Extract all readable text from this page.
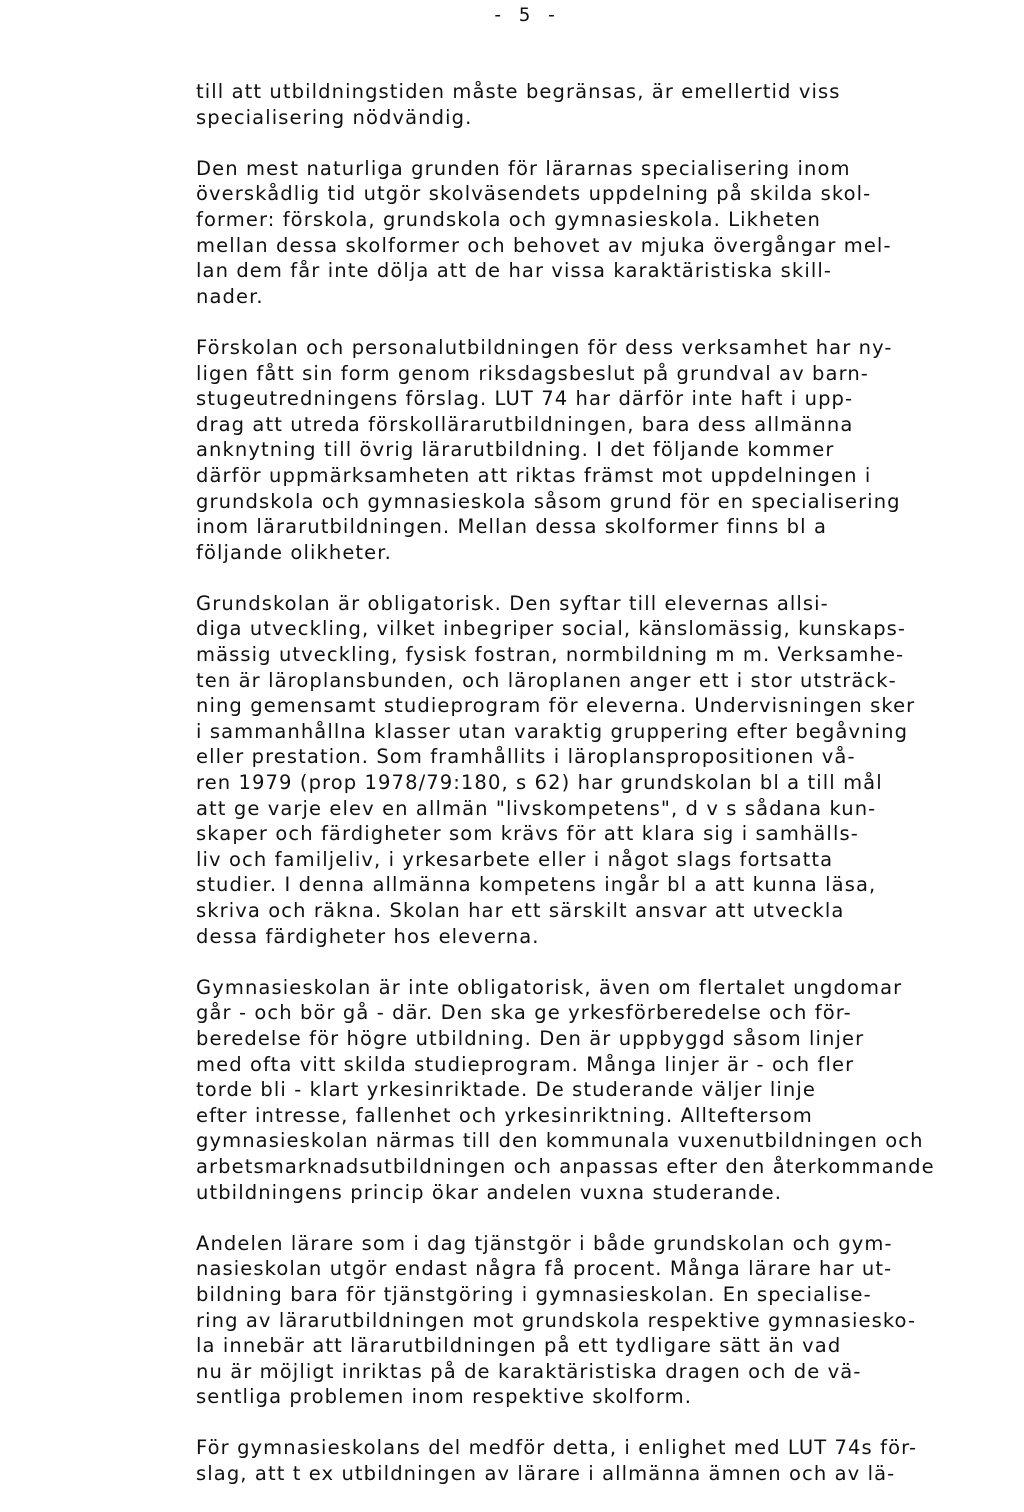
- 5 -

till att utbildningstiden måste begränsas, är emellertid viss
specialisering nödvändig.

Den mest naturliga grunden för lärarnas specialisering inom
överskådlig tid utgör skolväsendets uppdelning på skilda skol-
former: förskola, grundskola och gymnasieskola. Likheten
mellan dessa skolformer och behovet av mjuka övergångar mel-
lan dem får inte dölja att de har vissa karaktäristiska skill-
nader.

Förskolan och personalutbildningen för dess verksamhet har ny-
ligen fått sin form genom riksdagsbeslut på grundval av barn-
stugeutredningens förslag. LUT 74 har därför inte haft i upp-
drag att utreda förskollärarutbildningen, bara dess allmänna
anknytning till övrig lärarutbildning. I det följande kommer
därför uppmärksamheten att riktas främst mot uppdelningen i
grundskola och gymnasieskola såsom grund för en specialisering
inom lärarutbildningen. Mellan dessa skolformer finns bl a
följande olikheter.

Grundskolan är obligatorisk. Den syftar till elevernas allsi-
diga utveckling, vilket inbegriper social, känslomässig, kunskaps-
mässig utveckling, fysisk fostran, normbildning m m. Verksamhe-
ten är läroplansbunden, och läroplanen anger ett i stor utsträck-
ning gemensamt studieprogram för eleverna. Undervisningen sker
i sammanhållna klasser utan varaktig gruppering efter begåvning
eller prestation. Som framhållits i läroplanspropositionen vå-
ren 1979 (prop 1978/79:180, s 62) har grundskolan bl a till mål
att ge varje elev en allmän "livskompetens", d v s sådana kun-
skaper och färdigheter som krävs för att klara sig i samhälls-
liv och familjeliv, i yrkesarbete eller i något slags fortsatta
studier. I denna allmänna kompetens ingår bl a att kunna läsa,
skriva och räkna. Skolan har ett särskilt ansvar att utveckla
dessa färdigheter hos eleverna.

Gymnasieskolan är inte obligatorisk, även om flertalet ungdomar
går - och bör gå - där. Den ska ge yrkesförberedelse och för-
beredelse för högre utbildning. Den är uppbyggd såsom linjer
med ofta vitt skilda studieprogram. Många linjer är - och fler
torde bli - klart yrkesinriktade. De studerande väljer linje
efter intresse, fallenhet och yrkesinriktning. Allteftersom
gymnasieskolan närmas till den kommunala vuxenutbildningen och
arbetsmarknadsutbildningen och anpassas efter den återkommande
utbildningens princip ökar andelen vuxna studerande.

Andelen lärare som i dag tjänstgör i både grundskolan och gym-
nasieskolan utgör endast några få procent. Många lärare har ut-
bildning bara för tjänstgöring i gymnasieskolan. En specialise-
ring av lärarutbildningen mot grundskola respektive gymnasiesko-
la innebär att lärarutbildningen på ett tydligare sätt än vad
nu är möjligt inriktas på de karaktäristiska dragen och de vä-
sentliga problemen inom respektive skolform.

För gymnasieskolans del medför detta, i enlighet med LUT 74s för-
slag, att t ex utbildningen av lärare i allmänna ämnen och av lä-
